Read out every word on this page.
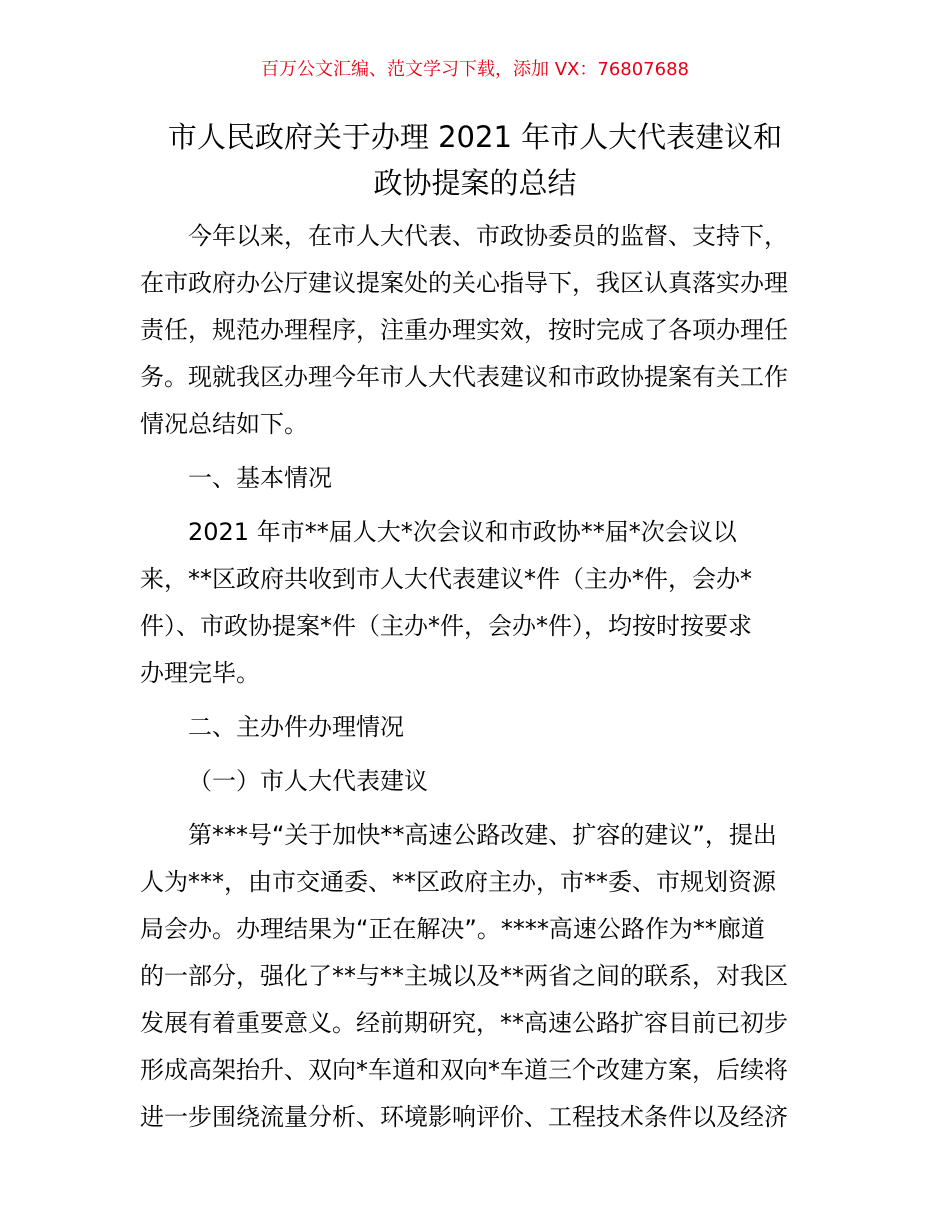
百万公文汇编、范文学习下载，添加 VX：76807688
市人民政府关于办理 2021 年市人大代表建议和
政协提案的总结
今年以来，在市人大代表、市政协委员的监督、支持下，
在市政府办公厅建议提案处的关心指导下，我区认真落实办理
责任，规范办理程序，注重办理实效，按时完成了各项办理任
务。现就我区办理今年市人大代表建议和市政协提案有关工作
情况总结如下。
一、基本情况
2021 年市**届人大*次会议和市政协**届*次会议以
来，**区政府共收到市人大代表建议*件（主办*件，会办*
件）、市政协提案*件（主办*件，会办*件），均按时按要求
办理完毕。
二、主办件办理情况
（一）市人大代表建议
第***号“关于加快**高速公路改建、扩容的建议”，提出
人为***，由市交通委、**区政府主办，市**委、市规划资源
局会办。办理结果为“正在解决”。****高速公路作为**廊道
的一部分，强化了**与**主城以及**两省之间的联系，对我区
发展有着重要意义。经前期研究，**高速公路扩容目前已初步
形成高架抬升、双向*车道和双向*车道三个改建方案，后续将
进一步围绕流量分析、环境影响评价、工程技术条件以及经济
